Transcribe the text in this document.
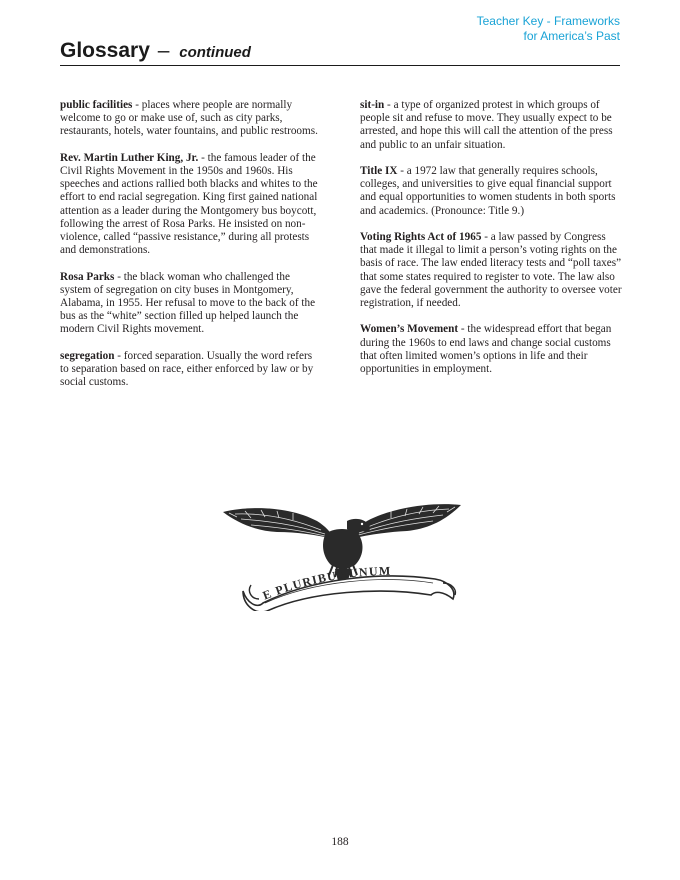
Teacher Key - Frameworks
for America’s Past
Glossary – continued

public facilities - places where people are normally welcome to go or make use of, such as city parks, restaurants, hotels, water fountains, and public restrooms.

Rev. Martin Luther King, Jr. - the famous leader of the Civil Rights Movement in the 1950s and 1960s. His speeches and actions rallied both blacks and whites to the effort to end racial segregation. King first gained national attention as a leader during the Montgomery bus boycott, following the arrest of Rosa Parks. He insisted on non-violence, called “passive resistance,” during all protests and demonstrations.

Rosa Parks - the black woman who challenged the system of segregation on city buses in Montgomery, Alabama, in 1955. Her refusal to move to the back of the bus as the “white” section filled up helped launch the modern Civil Rights movement.

segregation - forced separation. Usually the word refers to separation based on race, either enforced by law or by social customs.

sit-in - a type of organized protest in which groups of people sit and refuse to move. They usually expect to be arrested, and hope this will call the attention of the press and public to an unfair situation.

Title IX - a 1972 law that generally requires schools, colleges, and universities to give equal financial support and equal opportunities to women students in both sports and academics. (Pronounce: Title 9.)

Voting Rights Act of 1965 - a law passed by Congress that made it illegal to limit a person’s voting rights on the basis of race. The law ended literacy tests and “poll taxes” that some states required to register to vote. The law also gave the federal government the authority to oversee voter registration, if needed.

Women’s Movement - the widespread effort that began during the 1960s to end laws and change social customs that often limited women’s options in life and their opportunities in employment.

E PLURIBUS UNUM
188
